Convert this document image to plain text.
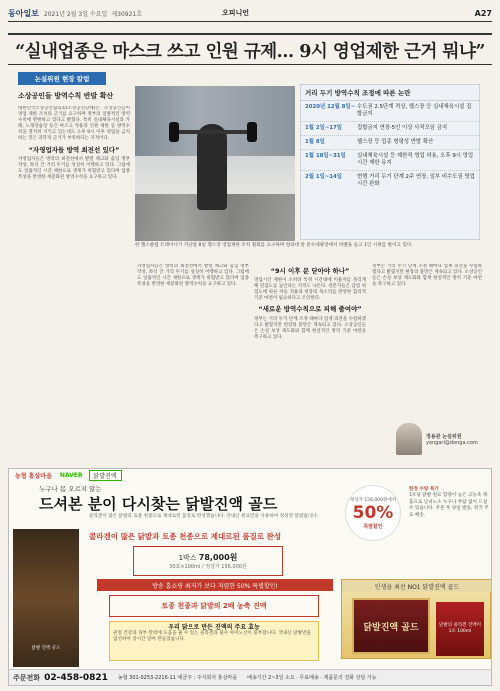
동아일보 2021년 2월 3일 수요일 제30921호	오피니언	A27
“실내업종은 마스크 쓰고 인원 규제… 9시 영업제한 근거 뭐냐”
논설위원 현장 칼럼
소상공인들 방역수칙 반발 확산
한 헬스클럽 트레이너가 지난달 8일 헬스장 영업제한 조치 철회를 요구하며 청와대 앞 분수대광장에서 바벨을 들고 1인 시위를 벌이고 있다.
거리 두기 방역수칙 조정에 따른 논란
2020년 12월 8일~ 수도권 2.5단계 격상, 헬스장 등 실내체육시설 집합금지
1월 2일~17일	집합금지 연장·5인 이상 사적모임 금지
1월 8일	헬스장 등 업종 형평성 반발 확산
1월 18일~31일	실내체육시설 등 제한적 영업 허용, 오후 9시 영업시간 제한 유지
2월 1일~14일	현행 거리 두기 단계 2주 연장, 일부 비수도권 영업시간 완화

대한민국소상공인협의회(소상공인단체)는 소상공인들이 영업 제한 조치의 근거를 요구하며 정부의 일방적인 방역수칙에 반발하고 있다고 밝혔다. 특히 실내체육시설과 카페, 노래연습장 등은 마스크 착용과 인원 제한 등 방역수칙을 철저히 지키고 있는데도 오후 9시 이후 영업을 금지하는 것은 과학적 근거가 부족하다는 지적이다.

“자영업자들 방역 최전선 있다”

자영업자들은 방역의 최전선에서 발열 체크와 출입 명부 작성, 좌석 간 거리 두기를 성실히 이행하고 있다. 그럼에도 일률적인 시간 제한으로 생계가 위협받고 있다며 업종 특성을 반영한 세분화된 방역수칙을 요구하고 있다.

자영업자들은 방역의 최전선에서 발열 체크와 출입 명부 작성, 좌석 간 거리 두기를 성실히 이행하고 있다. 그럼에도 일률적인 시간 제한으로 생계가 위협받고 있다며 업종 특성을 반영한 세분화된 방역수칙을 요구하고 있다.

“9시 이후 문 닫아야 하나”

영업시간 제한이 오히려 특정 시간대에 이용자를 몰리게 해 밀집도를 높인다는 지적도 나온다. 전문가들은 감염 위험도에 따른 차등 적용과 현장의 목소리를 반영한 합리적 기준 마련이 필요하다고 조언한다.

“새로운 방역수칙으로 피해 줄여야”

정부는 거리 두기 단계 조정 때마다 업계 의견을 수렴하겠다고 밝혔지만 현장의 불만은 계속되고 있다. 소상공인들은 손실 보상 제도화와 함께 현실적인 방역 기준 마련을 촉구하고 있다.

정부는 거리 두기 단계 조정 때마다 업계 의견을 수렴하겠다고 밝혔지만 현장의 불만은 계속되고 있다. 소상공인들은 손실 보상 제도화와 함께 현실적인 방역 기준 마련을 촉구하고 있다.

정용관 논설위원
yongari@donga.com
농협 홍삼마을 NAVER	닭발진액
누구나 몸 오르지 않는
드셔본 분이 다시찾는 닭발진액 골드
콜라겐이 많은 닭발과 토종 천종으로 제대로된 품질로 완성했습니다. 국내산 원료만을 사용하여 정성껏 달였습니다.
닭발 진액 골드
콜라겐이 많은 닭발과 토종 천종으로 제대로된 품질로 완성
1박스 78,000원
30포×100ml / 정상가 156,000원
방송 홈쇼핑 최저가 보다 저렴한 50% 특별할인!
토종 천종과 닭발의 2배 농축 진액
우리 닭으로 만든 진액의 주요 효능
관절 건강과 피부 탄력에 도움을 줄 수 있는 콜라겐과 필수 아미노산이 풍부합니다. 국내산 닭발만을 엄선하여 장시간 달여 만들었습니다.
정상가 156,000원에서
50%
특별할인
한정 수량 특가
1포당 닭발 원료 함량이 높은 고농축 제품으로 남녀노소 누구나 부담 없이 드실 수 있습니다. 주문 후 당일 발송, 전국 무료 배송.
인생을 최선 NO1 닭발진액 골드
닭발진액 골드	닭발의 콜라겐 진액이 1포 100ml
주문전화 02-458-0821 농협 301-0253-2216-11 예금주 : 주식회사 홍삼마을 배송기간 2~3일 소요 · 무료배송 · 제품문의 전화 상담 가능
